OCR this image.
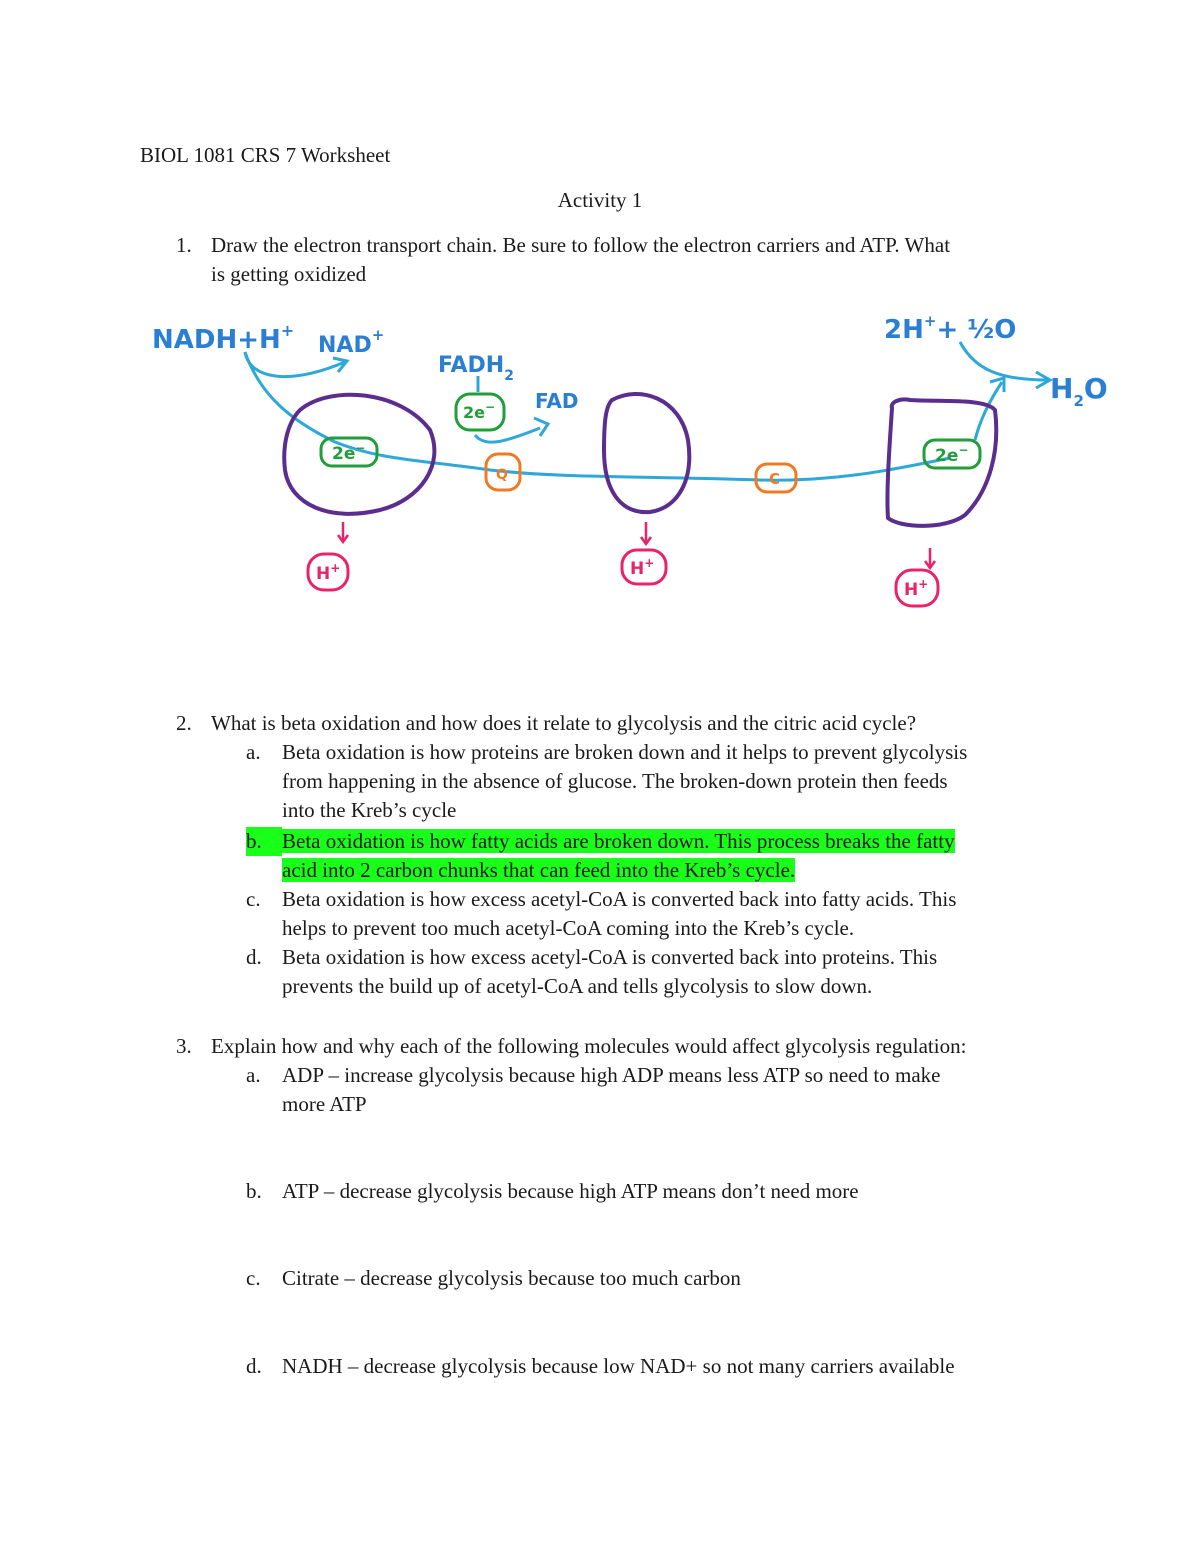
BIOL 1081 CRS 7 Worksheet
Activity 1
1. Draw the electron transport chain. Be sure to follow the electron carriers and ATP. What
is getting oxidized
NADH+H+
NAD+
$FADH_2$
FAD
2H++ ½O
$H_2O$
2e−
2e−
2e−
Q	C
H+	H+
H+
2. What is beta oxidation and how does it relate to glycolysis and the citric acid cycle?
a. Beta oxidation is how proteins are broken down and it helps to prevent glycolysis
from happening in the absence of glucose. The broken-down protein then feeds
into the Kreb’s cycle
b. Beta oxidation is how fatty acids are broken down. This process breaks the fatty
acid into 2 carbon chunks that can feed into the Kreb’s cycle.
c. Beta oxidation is how excess acetyl-CoA is converted back into fatty acids. This
helps to prevent too much acetyl-CoA coming into the Kreb’s cycle.
d. Beta oxidation is how excess acetyl-CoA is converted back into proteins. This
prevents the build up of acetyl-CoA and tells glycolysis to slow down.
3. Explain how and why each of the following molecules would affect glycolysis regulation:
a. ADP – increase glycolysis because high ADP means less ATP so need to make
more ATP
b. ATP – decrease glycolysis because high ATP means don’t need more
c. Citrate – decrease glycolysis because too much carbon
d. NADH – decrease glycolysis because low NAD+ so not many carriers available
